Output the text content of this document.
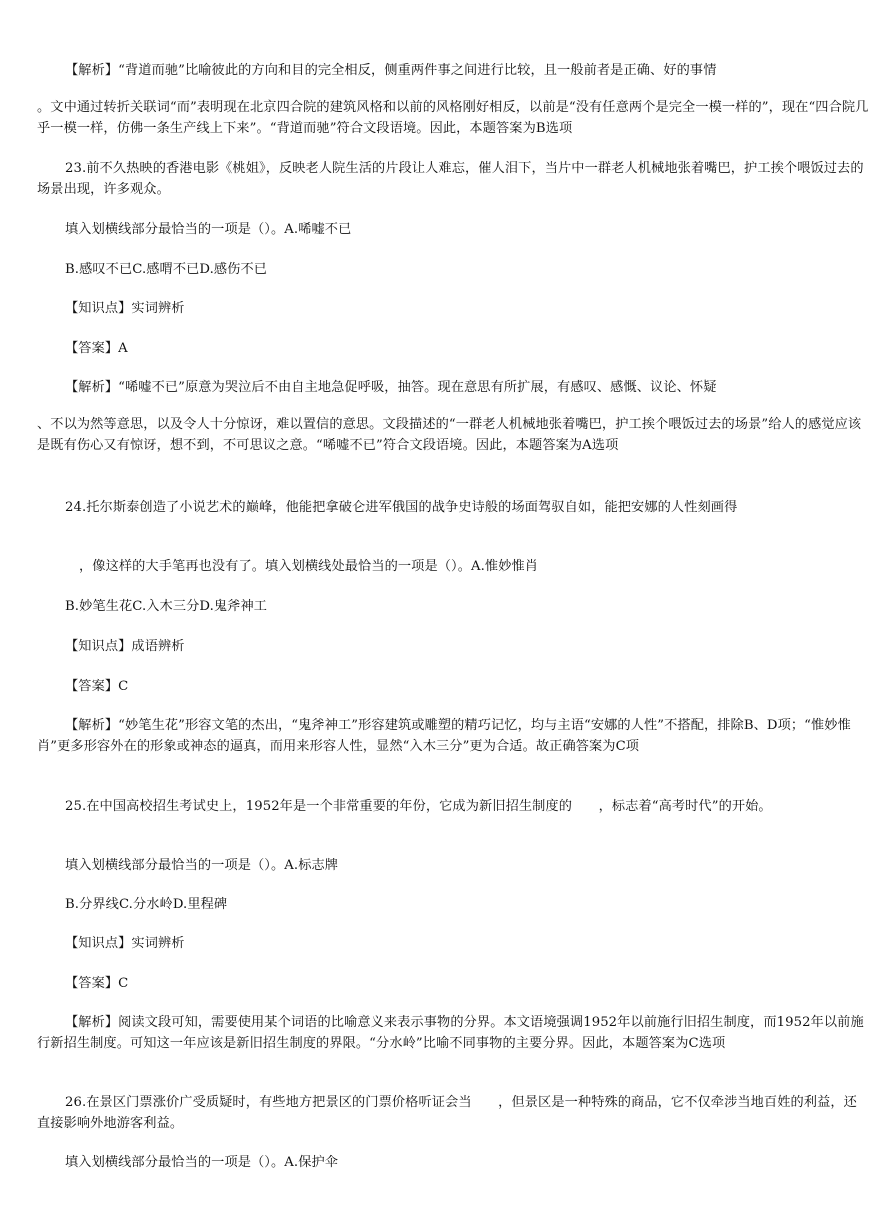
【解析】“背道而驰”比喻彼此的方向和目的完全相反，侧重两件事之间进行比较，且一般前者是正确、好的事情

。文中通过转折关联词“而”表明现在北京四合院的建筑风格和以前的风格刚好相反，以前是“没有任意两个是完全一模一样的”，现在“四合院几乎一模一样，仿佛一条生产线上下来”。“背道而驰”符合文段语境。因此，本题答案为B选项

23.前不久热映的香港电影《桃姐》，反映老人院生活的片段让人难忘，催人泪下，当片中一群老人机械地张着嘴巴，护工挨个喂饭过去的场景出现，许多观众。

填入划横线部分最恰当的一项是（）。A.唏嘘不已

B.感叹不已C.感喟不已D.感伤不已

【知识点】实词辨析

【答案】A

【解析】“唏嘘不已”原意为哭泣后不由自主地急促呼吸，抽答。现在意思有所扩展，有感叹、感慨、议论、怀疑

、不以为然等意思，以及令人十分惊讶，难以置信的意思。文段描述的“一群老人机械地张着嘴巴，护工挨个喂饭过去的场景”给人的感觉应该是既有伤心又有惊讶，想不到，不可思议之意。“唏嘘不已”符合文段语境。因此，本题答案为A选项

24.托尔斯泰创造了小说艺术的巅峰，他能把拿破仑进军俄国的战争史诗般的场面驾驭自如，能把安娜的人性刻画得

，像这样的大手笔再也没有了。填入划横线处最恰当的一项是（）。A.惟妙惟肖

B.妙笔生花C.入木三分D.鬼斧神工

【知识点】成语辨析

【答案】C

【解析】“妙笔生花”形容文笔的杰出，“鬼斧神工”形容建筑或雕塑的精巧记忆，均与主语“安娜的人性”不搭配，排除B、D项；“惟妙惟肖”更多形容外在的形象或神态的逼真，而用来形容人性，显然“入木三分”更为合适。故正确答案为C项

25.在中国高校招生考试史上，1952年是一个非常重要的年份，它成为新旧招生制度的　　，标志着“高考时代”的开始。

填入划横线部分最恰当的一项是（）。A.标志牌

B.分界线C.分水岭D.里程碑

【知识点】实词辨析

【答案】C

【解析】阅读文段可知，需要使用某个词语的比喻意义来表示事物的分界。本文语境强调1952年以前施行旧招生制度，而1952年以前施行新招生制度。可知这一年应该是新旧招生制度的界限。“分水岭”比喻不同事物的主要分界。因此，本题答案为C选项

26.在景区门票涨价广受质疑时，有些地方把景区的门票价格听证会当　　，但景区是一种特殊的商品，它不仅牵涉当地百姓的利益，还直接影响外地游客利益。

填入划横线部分最恰当的一项是（）。A.保护伞
